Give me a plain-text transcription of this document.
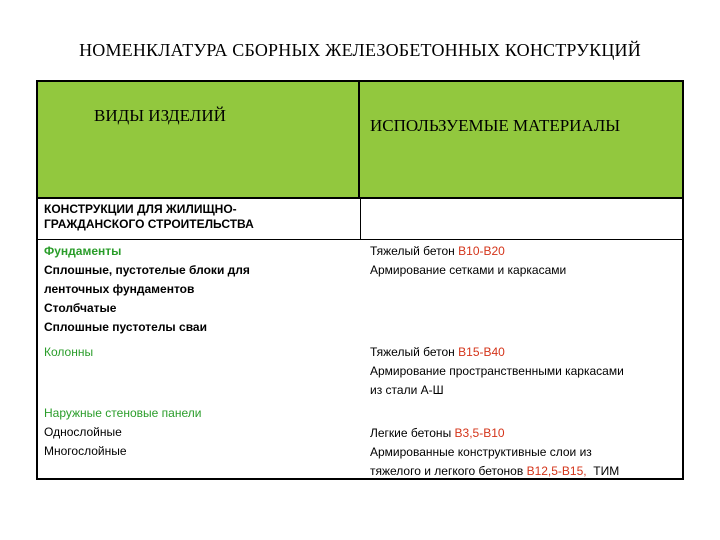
НОМЕНКЛАТУРА СБОРНЫХ ЖЕЛЕЗОБЕТОННЫХ КОНСТРУКЦИЙ
ВИДЫ ИЗДЕЛИЙ
ИСПОЛЬЗУЕМЫЕ МАТЕРИАЛЫ
КОНСТРУКЦИИ ДЛЯ ЖИЛИЩНО-
ГРАЖДАНСКОГО СТРОИТЕЛЬСТВА
Фундаменты
Сплошные, пустотелые блоки для
ленточных фундаментов
Столбчатые
Сплошные пустотелы сваи
Тяжелый бетон В10-В20
Армирование сетками и каркасами
Колонны	Тяжелый бетон В15-В40
Армирование пространственными каркасами
из стали А-Ш
Наружные стеновые панели
Однослойные
Многослойные
Легкие бетоны В3,5-В10
Армированные конструктивные слои из
тяжелого и легкого бетонов В12,5-В15,  ТИМ
